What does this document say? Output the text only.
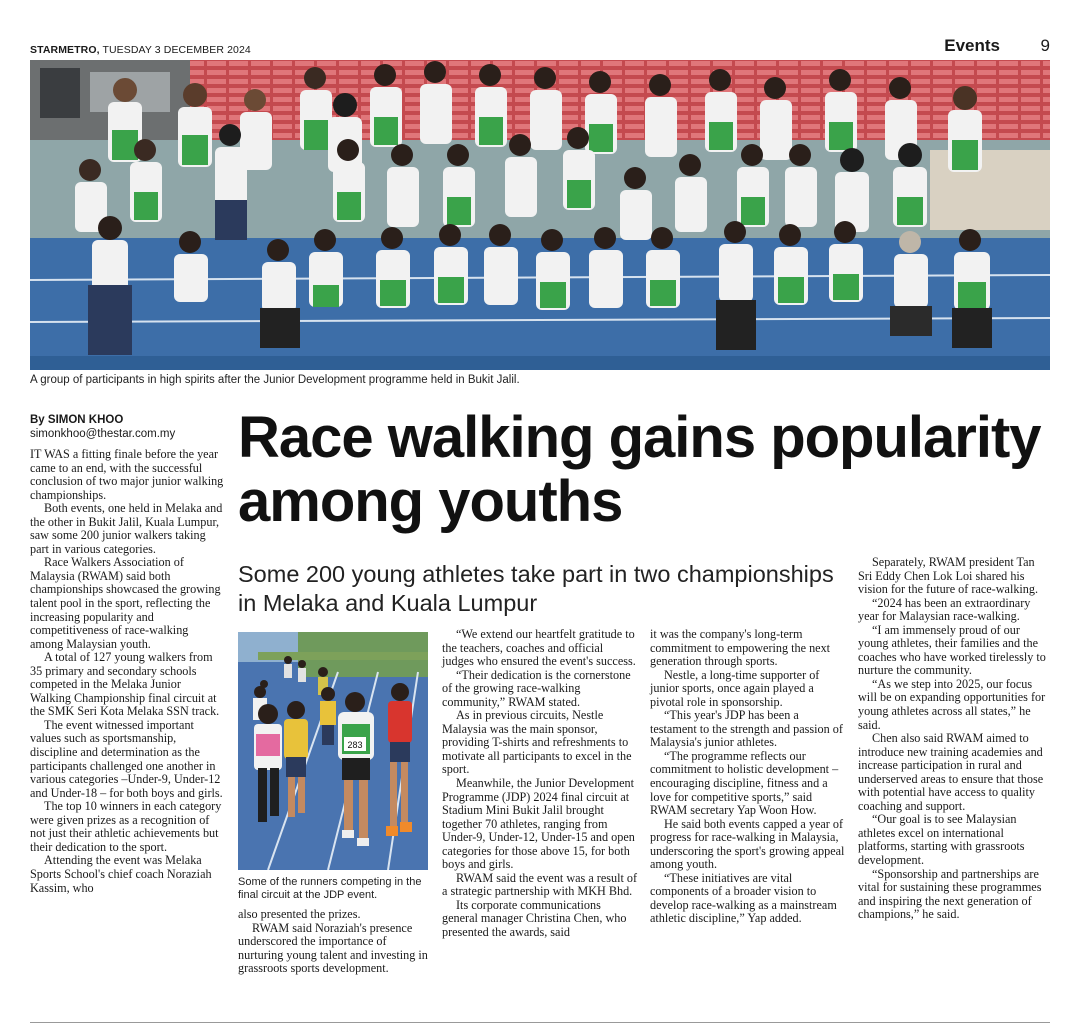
STARMETRO, TUESDAY 3 DECEMBER 2024	Events 9
A group of participants in high spirits after the Junior Development programme held in Bukit Jalil.
By SIMON KHOO
simonkhoo@thestar.com.my Race walking gains popularity among youths
Some 200 young athletes take part in two championships in Melaka and Kuala Lumpur

IT WAS a fitting finale before the year came to an end, with the successful conclusion of two major junior walking championships.

Both events, one held in Melaka and the other in Bukit Jalil, Kuala Lumpur, saw some 200 junior walkers taking part in various categories.

Race Walkers Association of Malaysia (RWAM) said both championships showcased the growing talent pool in the sport, reflecting the increasing popularity and competitiveness of race-walking among Malaysian youth.

A total of 127 young walkers from 35 primary and secondary schools competed in the Melaka Junior Walking Championship final circuit at the SMK Seri Kota Melaka SSN track.

The event witnessed important values such as sportsmanship, discipline and determination as the participants challenged one another in various categories –Under-9, Under-12 and Under-18 – for both boys and girls.

The top 10 winners in each category were given prizes as a recognition of not just their athletic achievements but their dedication to the sport.

Attending the event was Melaka Sports School's chief coach Noraziah Kassim, who

283
Some of the runners competing in the final circuit at the JDP event.

also presented the prizes.

RWAM said Noraziah's presence underscored the importance of nurturing young talent and investing in grassroots sports development.

“We extend our heartfelt gratitude to the teachers, coaches and official judges who ensured the event's success.

“Their dedication is the cornerstone of the growing race-walking community,” RWAM stated.

As in previous circuits, Nestle Malaysia was the main sponsor, providing T-shirts and refreshments to motivate all participants to excel in the sport.

Meanwhile, the Junior Development Programme (JDP) 2024 final circuit at Stadium Mini Bukit Jalil brought together 70 athletes, ranging from Under-9, Under-12, Under-15 and open categories for those above 15, for both boys and girls.

RWAM said the event was a result of a strategic partnership with MKH Bhd.

Its corporate communications general manager Christina Chen, who presented the awards, said

it was the company's long-term commitment to empowering the next generation through sports.

Nestle, a long-time supporter of junior sports, once again played a pivotal role in sponsorship.

“This year's JDP has been a testament to the strength and passion of Malaysia's junior athletes.

“The programme reflects our commitment to holistic development – encouraging discipline, fitness and a love for competitive sports,” said RWAM secretary Yap Woon How.

He said both events capped a year of progress for race-walking in Malaysia, underscoring the sport's growing appeal among youth.

“These initiatives are vital components of a broader vision to develop race-walking as a mainstream athletic discipline,” Yap added.

Separately, RWAM president Tan Sri Eddy Chen Lok Loi shared his vision for the future of race-walking.

“2024 has been an extraordinary year for Malaysian race-walking.

“I am immensely proud of our young athletes, their families and the coaches who have worked tirelessly to nurture the community.

“As we step into 2025, our focus will be on expanding opportunities for young athletes across all states,” he said.

Chen also said RWAM aimed to introduce new training academies and increase participation in rural and underserved areas to ensure that those with potential have access to quality coaching and support.

“Our goal is to see Malaysian athletes excel on international platforms, starting with grassroots development.

“Sponsorship and partnerships are vital for sustaining these programmes and inspiring the next generation of champions,” he said.
